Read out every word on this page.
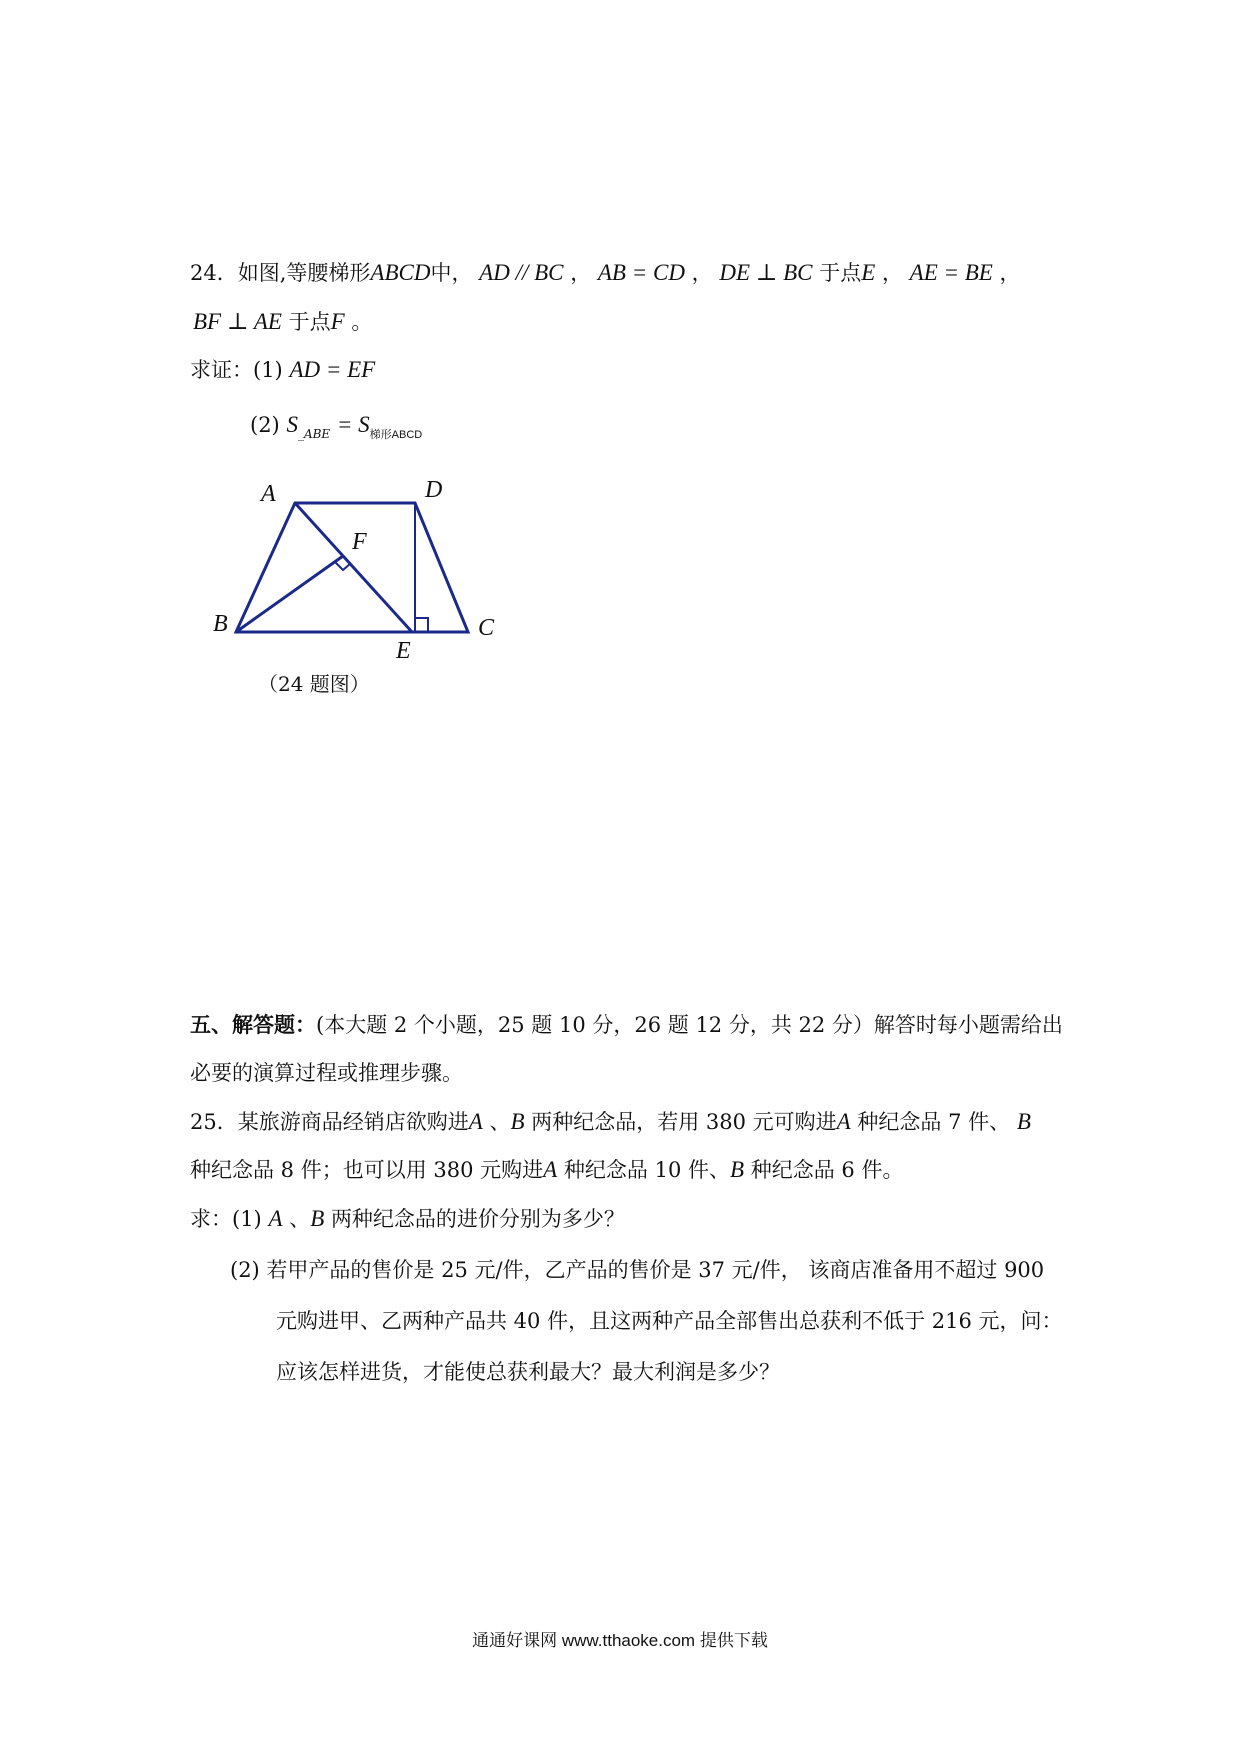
24．如图,等腰梯形ABCD中， AD // BC ， AB = CD ， DE ⊥ BC 于点E ， AE = BE ，
BF ⊥ AE 于点F 。
求证：(1) AD = EF
(2) $S_{\_ABE} = S_{梯形ABCD}$
A	D
F
B
E
C
（24 题图）
五、解答题：(本大题 2 个小题，25 题 10 分，26 题 12 分，共 22 分）解答时每小题需给出
必要的演算过程或推理步骤。
25．某旅游商品经销店欲购进A 、B 两种纪念品，若用 380 元可购进A 种纪念品 7 件、 B
种纪念品 8 件；也可以用 380 元购进A 种纪念品 10 件、B 种纪念品 6 件。
求：(1) A 、B 两种纪念品的进价分别为多少？
(2) 若甲产品的售价是 25 元/件，乙产品的售价是 37 元/件， 该商店准备用不超过 900
元购进甲、乙两种产品共 40 件，且这两种产品全部售出总获利不低于 216 元，问：
应该怎样进货，才能使总获利最大？最大利润是多少？
通通好课网 www.tthaoke.com 提供下载
